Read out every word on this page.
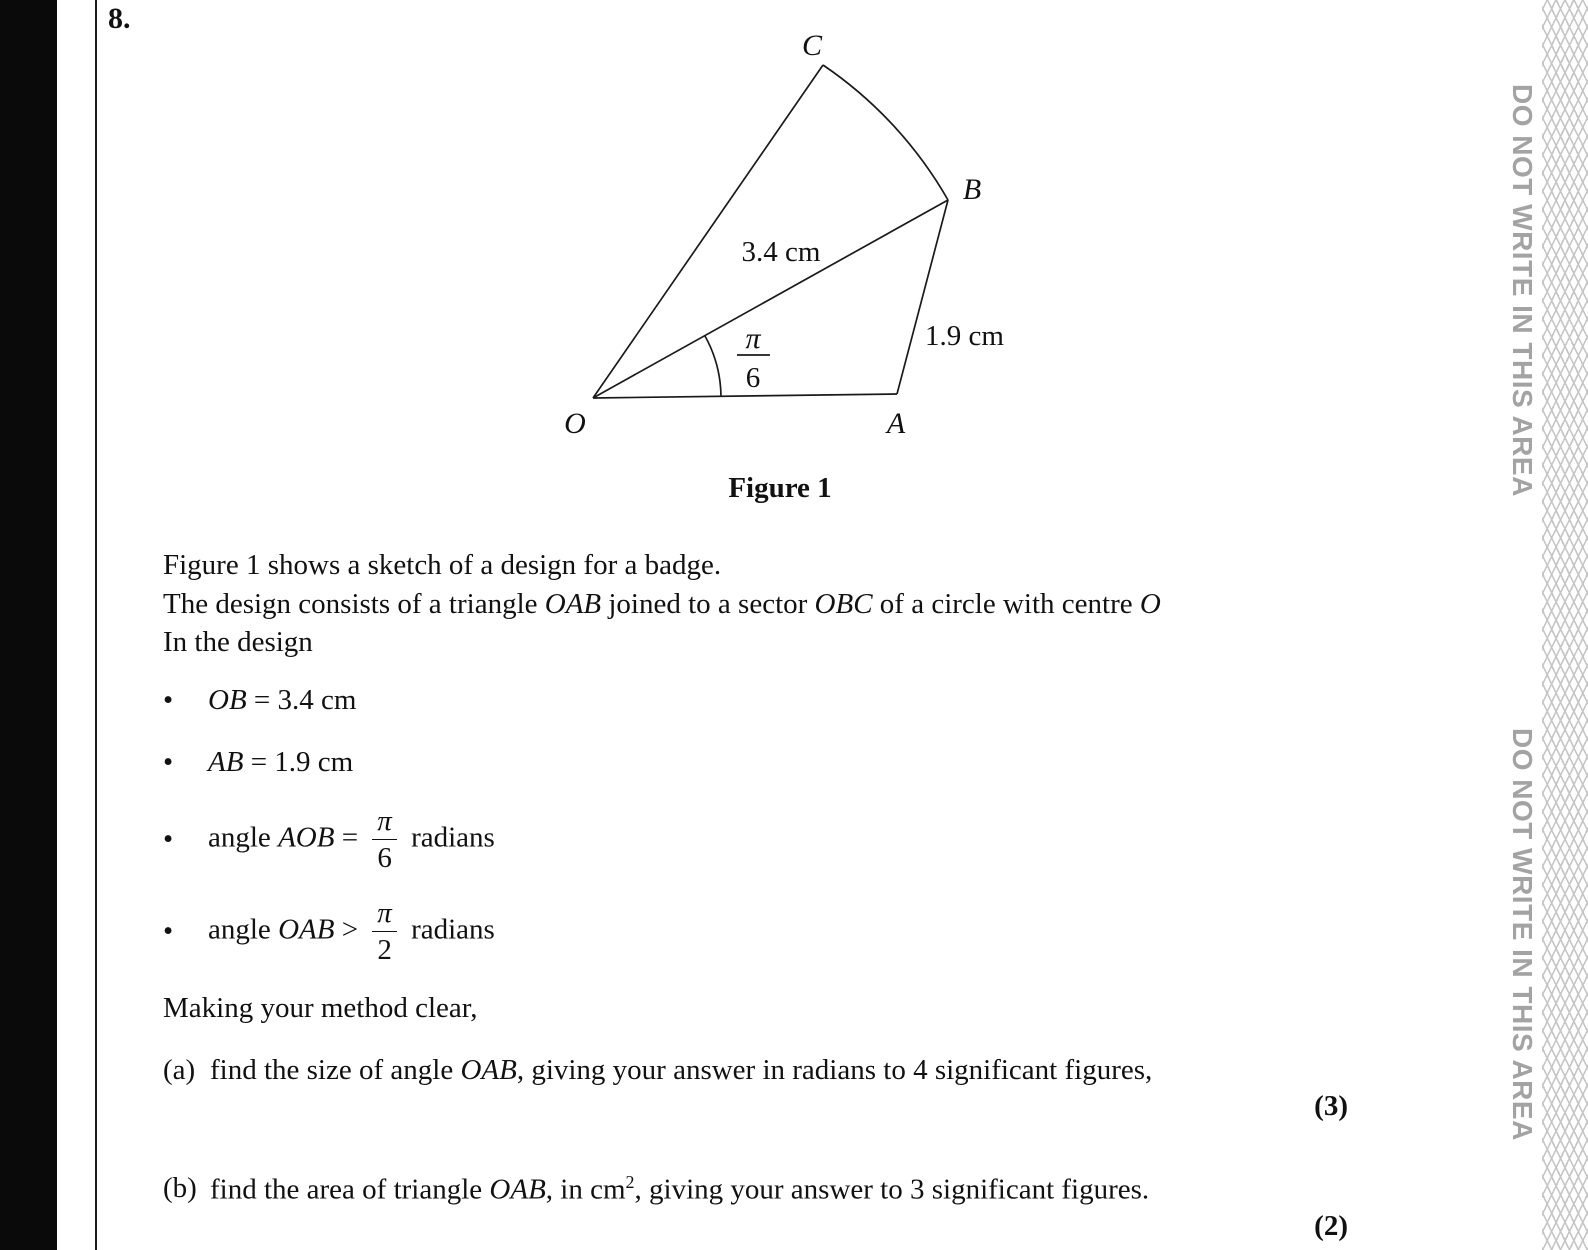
8.
C
B
O	A
3.4 cm
1.9 cm
π
6
Figure 1
Figure 1 shows a sketch of a design for a badge.
The design consists of a triangle OAB joined to a sector OBC of a circle with centre O
In the design
•	OB = 3.4 cm
•	AB = 1.9 cm
•	angle AOB = $\frac{\pi}{6}$ radians
•	angle OAB > $\frac{\pi}{2}$ radians
Making your method clear,
(a) find the size of angle OAB, giving your answer in radians to 4 significant figures,
(3)
(b) find the area of triangle OAB, in $cm^2$, giving your answer to 3 significant figures.
(2)
DO NOT WRITE IN THIS AREA
DO NOT WRITE IN THIS AREA
